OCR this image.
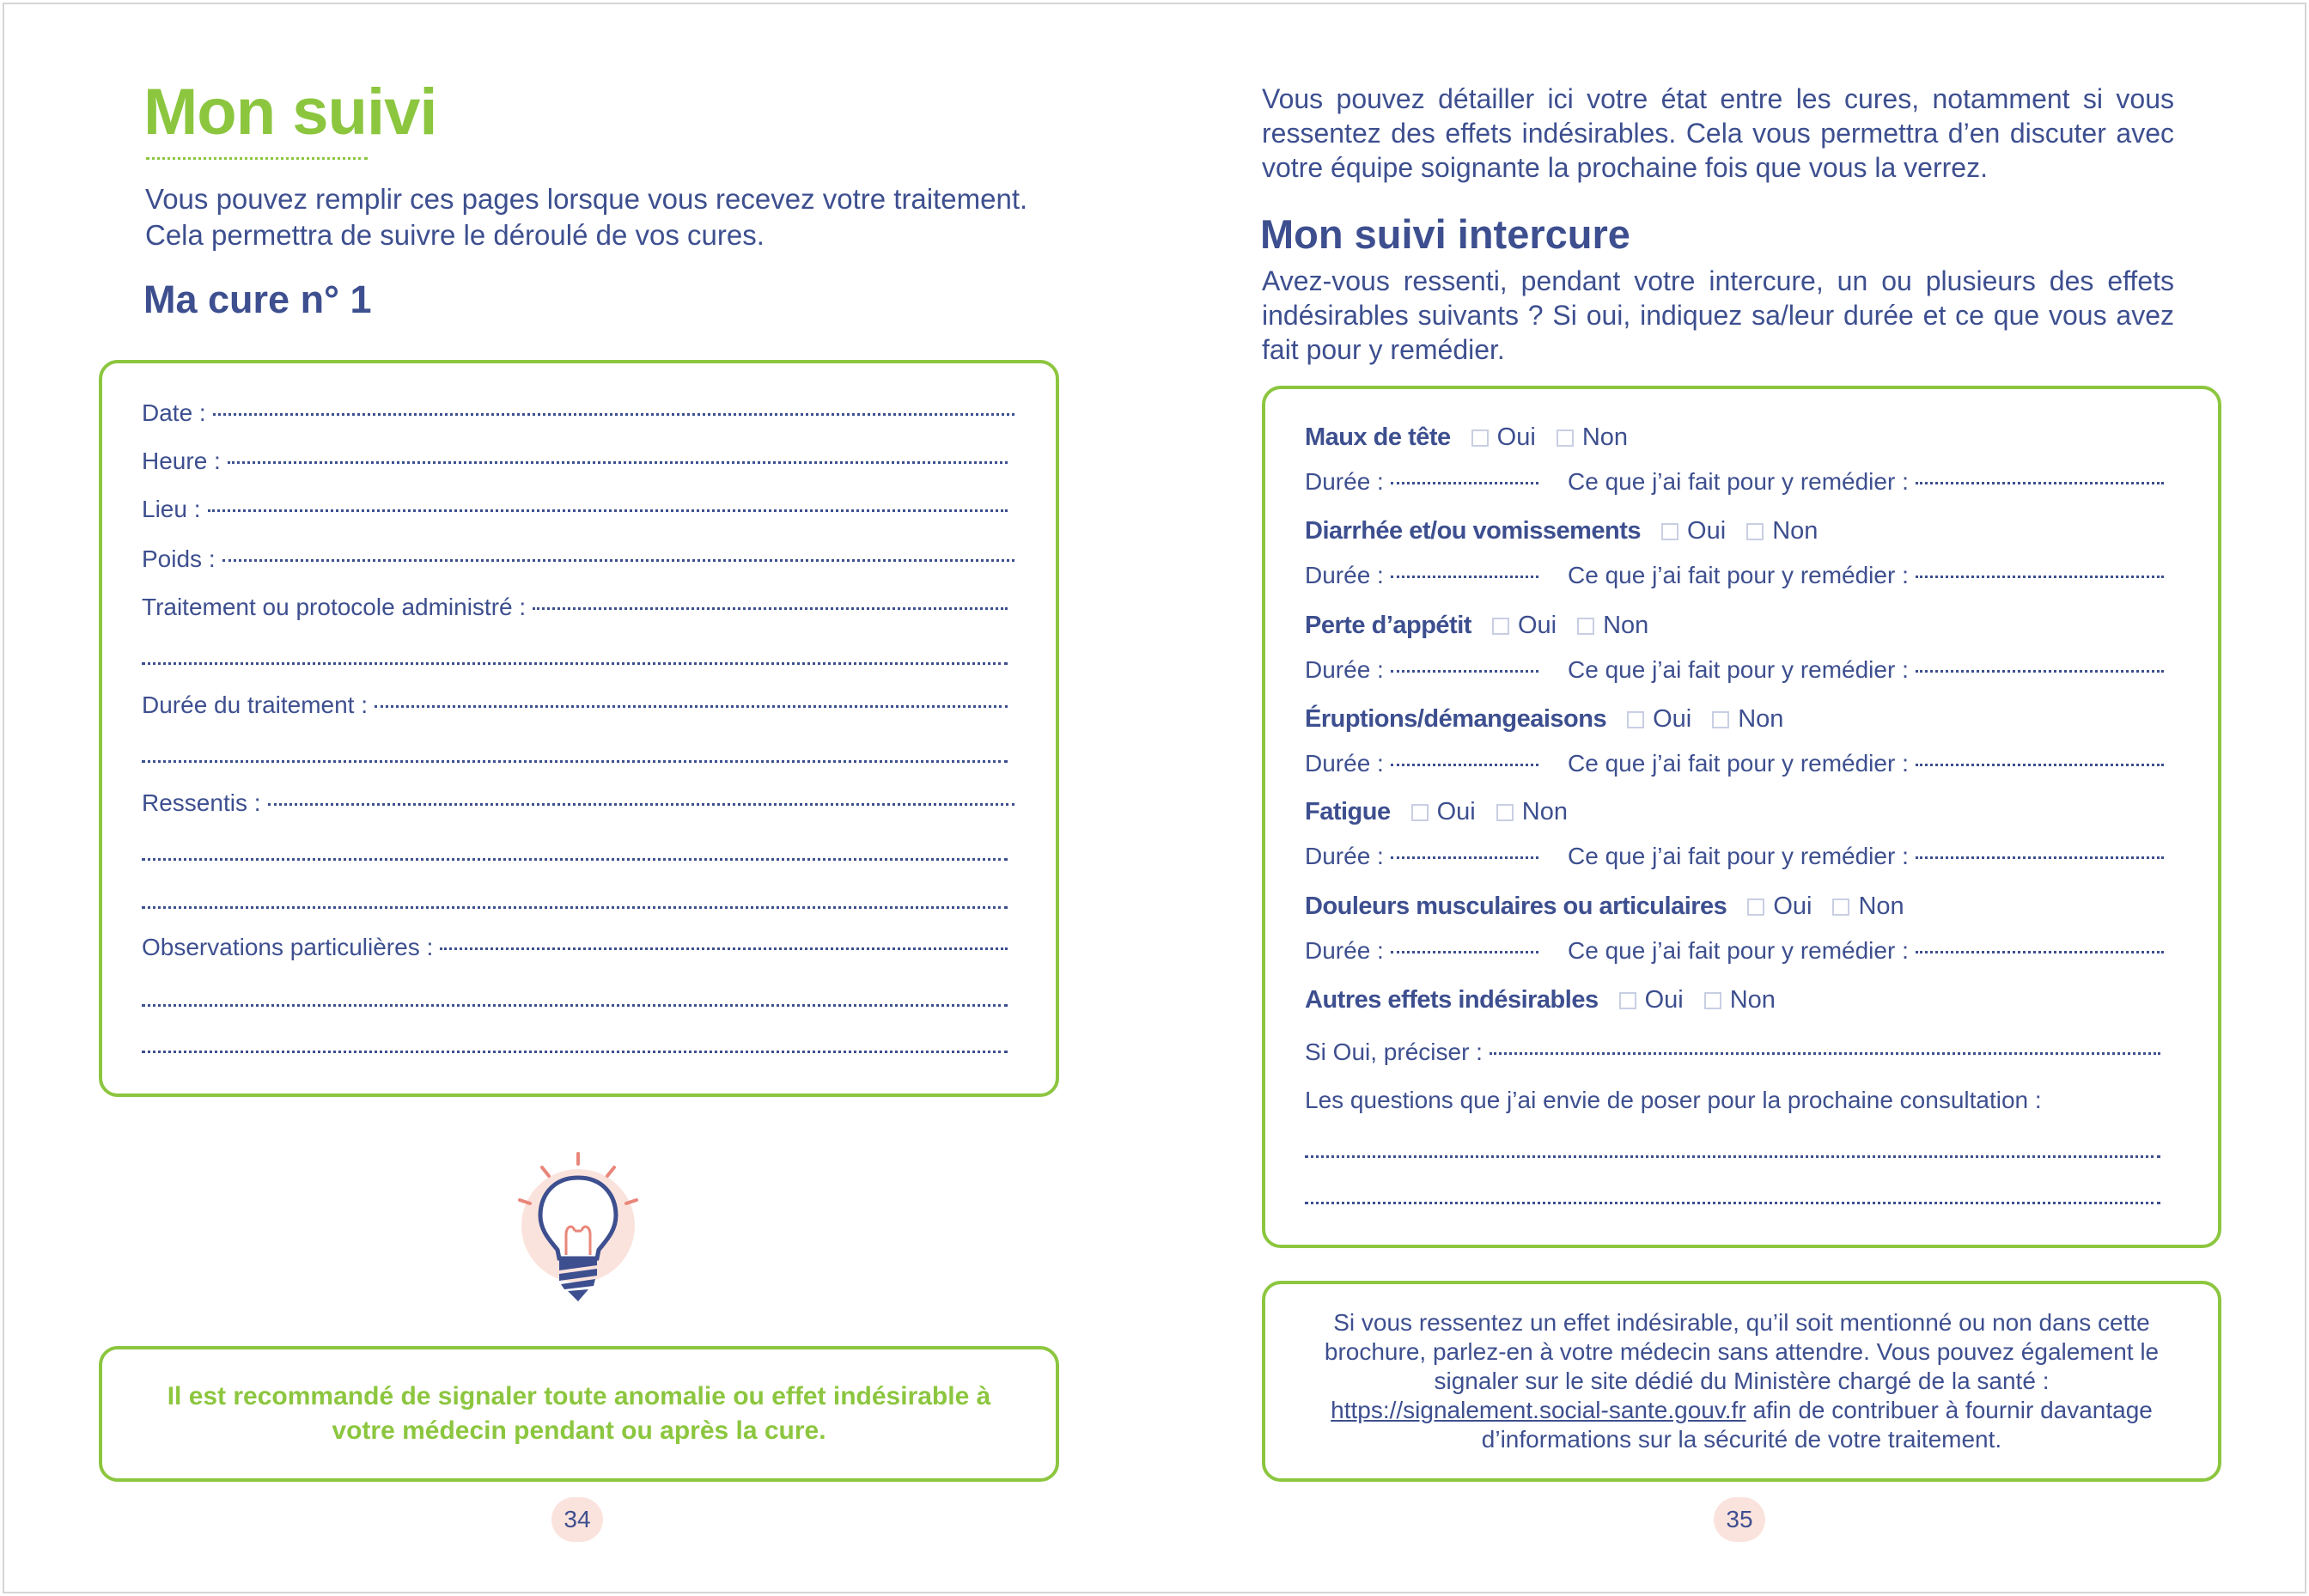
Mon suivi

Vous pouvez remplir ces pages lorsque vous recevez votre traitement. Cela permettra de suivre le déroulé de vos cures.

Ma cure n° 1
Date :
Heure :
Lieu :
Poids :
Traitement ou protocole administré :
Durée du traitement :
Ressentis :
Observations particulières :

Il est recommandé de signaler toute anomalie ou effet indésirable à votre médecin pendant ou après la cure.

34

Vous pouvez détailler ici votre état entre les cures, notamment si vous ressentez des effets indésirables. Cela vous permettra d’en discuter avec votre équipe soignante la prochaine fois que vous la verrez.

Mon suivi intercure

Avez-vous ressenti, pendant votre intercure, un ou plusieurs des effets indésirables suivants ? Si oui, indiquez sa/leur durée et ce que vous avez fait pour y remédier.

Maux de tête Oui Non
Durée :	Ce que j’ai fait pour y remédier :
Diarrhée et/ou vomissements Oui Non
Durée :	Ce que j’ai fait pour y remédier :
Perte d’appétit Oui Non
Durée :	Ce que j’ai fait pour y remédier :
Éruptions/démangeaisons Oui Non
Durée :	Ce que j’ai fait pour y remédier :
Fatigue Oui Non
Durée :	Ce que j’ai fait pour y remédier :
Douleurs musculaires ou articulaires Oui Non
Durée :	Ce que j’ai fait pour y remédier :
Autres effets indésirables Oui Non
Si Oui, préciser :
Les questions que j’ai envie de poser pour la prochaine consultation :

Si vous ressentez un effet indésirable, qu’il soit mentionné ou non dans cette brochure, parlez-en à votre médecin sans attendre. Vous pouvez également le signaler sur le site dédié du Ministère chargé de la santé : https://signalement.social-sante.gouv.fr afin de contribuer à fournir davantage d’informations sur la sécurité de votre traitement.

35
